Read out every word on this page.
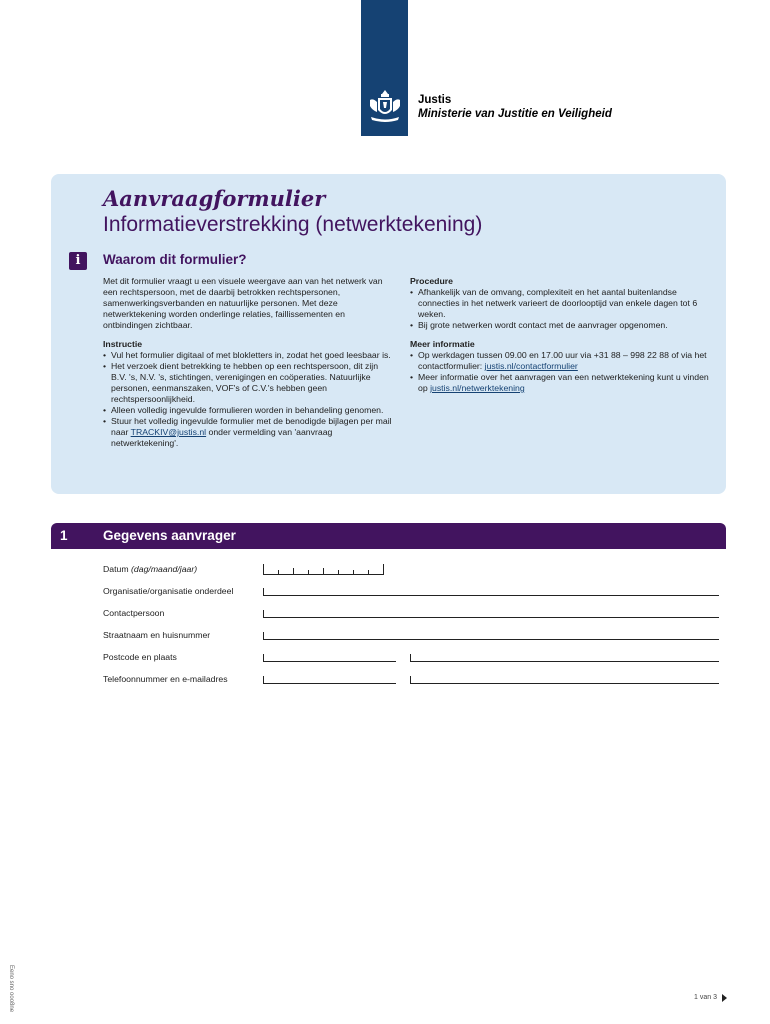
Justis
Ministerie van Justitie en Veiligheid
Aanvraagformulier
Informatieverstrekking (netwerktekening)
i	Waarom dit formulier?

Met dit formulier vraagt u een visuele weergave aan van het netwerk van een rechtspersoon, met de daarbij betrokken rechtspersonen, samenwerkingsverbanden en natuurlijke personen. Met deze netwerktekening worden onderlinge relaties, faillissementen en ontbindingen zichtbaar.

Instructie
• Vul het formulier digitaal of met blokletters in, zodat het goed leesbaar is.
• Het verzoek dient betrekking te hebben op een rechtspersoon, dit zijn B.V. 's, N.V. 's, stichtingen, verenigingen en coöperaties. Natuurlijke personen, eenmanszaken, VOF's of C.V.'s hebben geen rechtspersoonlijkheid.
• Alleen volledig ingevulde formulieren worden in behandeling genomen.
• Stuur het volledig ingevulde formulier met de benodigde bijlagen per mail naar TRACKIV@justis.nl onder vermelding van 'aanvraag netwerktekening'.
Procedure
• Afhankelijk van de omvang, complexiteit en het aantal buitenlandse connecties in het netwerk varieert de doorlooptijd van enkele dagen tot 6 weken.
• Bij grote netwerken wordt contact met de aanvrager opgenomen.
Meer informatie
• Op werkdagen tussen 09.00 en 17.00 uur via +31 88 – 998 22 88 of via het contactformulier: justis.nl/contactformulier
• Meer informatie over het aanvragen van een netwerktekening kunt u vinden op justis.nl/netwerktekening
1	Gegevens aanvrager
Datum (dag/maand/jaar)
Organisatie/organisatie onderdeel
Contactpersoon
Straatnaam en huisnummer
Postcode en plaats
Telefoonnummer en e-mailadres
Eeno sno ooo8ne	1 van 3
